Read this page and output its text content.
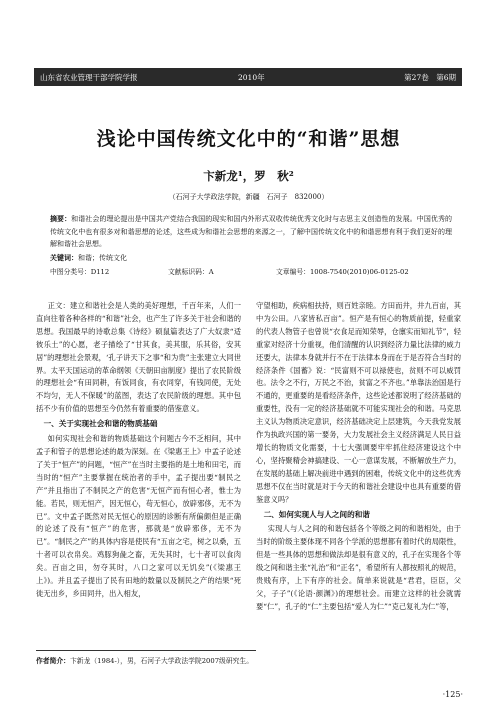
山东省农业管理干部学院学报	2010年	第27卷　第6期
浅论中国传统文化中的“和谐”思想
卞新龙¹，罗　秋²
（石河子大学政法学院，新疆　石河子　832000）
摘要：和谐社会的理论提出是中国共产党结合我国的现实和国内外形式双收传统优秀文化时与志思主义创造性的发展。中国优秀的传统文化中也有很多对和谐思想的论述，这些成为和谐社会思想的来源之一，了解中国传统文化中的和谐思想有利于我们更好的理解和谐社会思想。
关键词：和谐；传统文化
中图分类号：D112	文献标识码：A	文章编号：1008-7540(2010)06-0125-02

正文：建立和谐社会是人类的美好理想，千百年来，人们一直向往着各种各样的“和谐”社会，也产生了许多关于社会和谐的思想。我国最早的诗歌总集《诗经》硕鼠篇表达了广大奴隶“适彼乐土”的心愿，老子描绘了“甘其食，美其服，乐其俗，安其居”的理想社会景观，‘孔子讲天下之事“和为贵”主张建立大同世界。太平天国运动的革命纲领《天朝田亩制度》提出了农民阶级的理想社会“有田同耕，有饭同食，有衣同穿，有钱同使，无处不均匀，无人不保暖”的蓝图，表达了农民阶级的理想。其中包括不少有价值的思想至今仍然有着重要的借鉴意义。

一、关于实现社会和谐的物质基础

如何实现社会和谐的物质基础这个问题古今不乏相问，其中孟子和管子的思想论述的最为深刻。在《梁惠王上》中孟子论述了关于“恒产”的问题，“恒产”在当时主要指的是土地和田宅，而当时的“恒产”主要掌握在统治者的手中，孟子提出要“制民之产”并且指出了不制民之产的危害“无恒产而有恒心者，惟士为能。若民，则无恒产，因无恒心，苟无恒心，放辟邪侈，无不为已”。文中孟子既然对民无恒心的原因的诊断有所偏颇但是正确的论述了没有“恒产”的危害，那就是“放辟邪侈，无不为已”。“制民之产”的具体内容是使民有“五亩之宅，树之以桑，五十者可以衣帛矣。鸡豚狗彘之畜，无失其时，七十者可以食肉矣。百亩之田，勿夺其时，八口之家可以无饥矣”(《梁惠王上》)。并且孟子提出了民有田地的数量以及制民之产的结果“死徙无出乡，乡田同井，出入相友，

守望相助，疾病相扶持，则百姓亲睦。方田而井，井九百亩，其中为公田。八家皆私百亩”。恒产是有恒心的物质前提，轻重家的代表人物管子也曾说“衣食足而知荣辱，仓廪实而知礼节”，轻重家对经济十分重视，他们清醒的认识到经济力量比法律的威力还要大，法律本身就并行不在于法律本身而在于是否符合当时的经济条件《国蓄》说：“民富则不可以禄使也，贫则不可以威罚也。法令之不行，万民之不治，贫富之不齐也。”单靠法治国是行不通的，更重要的是看经济条件，这些论述都说明了经济基础的重要性，没有一定的经济基础就不可能实现社会的和谐。马克思主义认为物质决定意识，经济基础决定上层建筑，今天我党发展作为执政兴国的第一要务，大力发展社会主义经济满足人民日益增长的物质文化需要，十七大强调要牢牢抓住经济建设这个中心，坚持聚精会神搞建设、一心一意谋发展，不断解放生产力，在发展的基础上解决前进中遇到的困难，传统文化中的这些优秀思想不仅在当时就是对于今天的和谐社会建设中也具有重要的借鉴意义吗？

二、如何实现人与人之间的和谐

实现人与人之间的和谐包括各个等级之间的和谐相处，由于当时的阶级主要体现不同各个学派的思想都有着时代的局限性，但是一些具体的思想和做法却是很有意义的，孔子在实现各个等级之间和谐主张“礼治”和“正名”，希望所有人都按照礼的规范，贵贱有序，上下有序的社会。简单来说就是“君君，臣臣，父父，子子”(《论语·颜渊》)的理想社会。而建立这样的社会就需要“仁”，孔子的“仁”主要包括“爱人为仁”“克己复礼为仁”等，

作者简介：卞新龙（1984-），男，石河子大学政法学院2007级研究生。
·125·
